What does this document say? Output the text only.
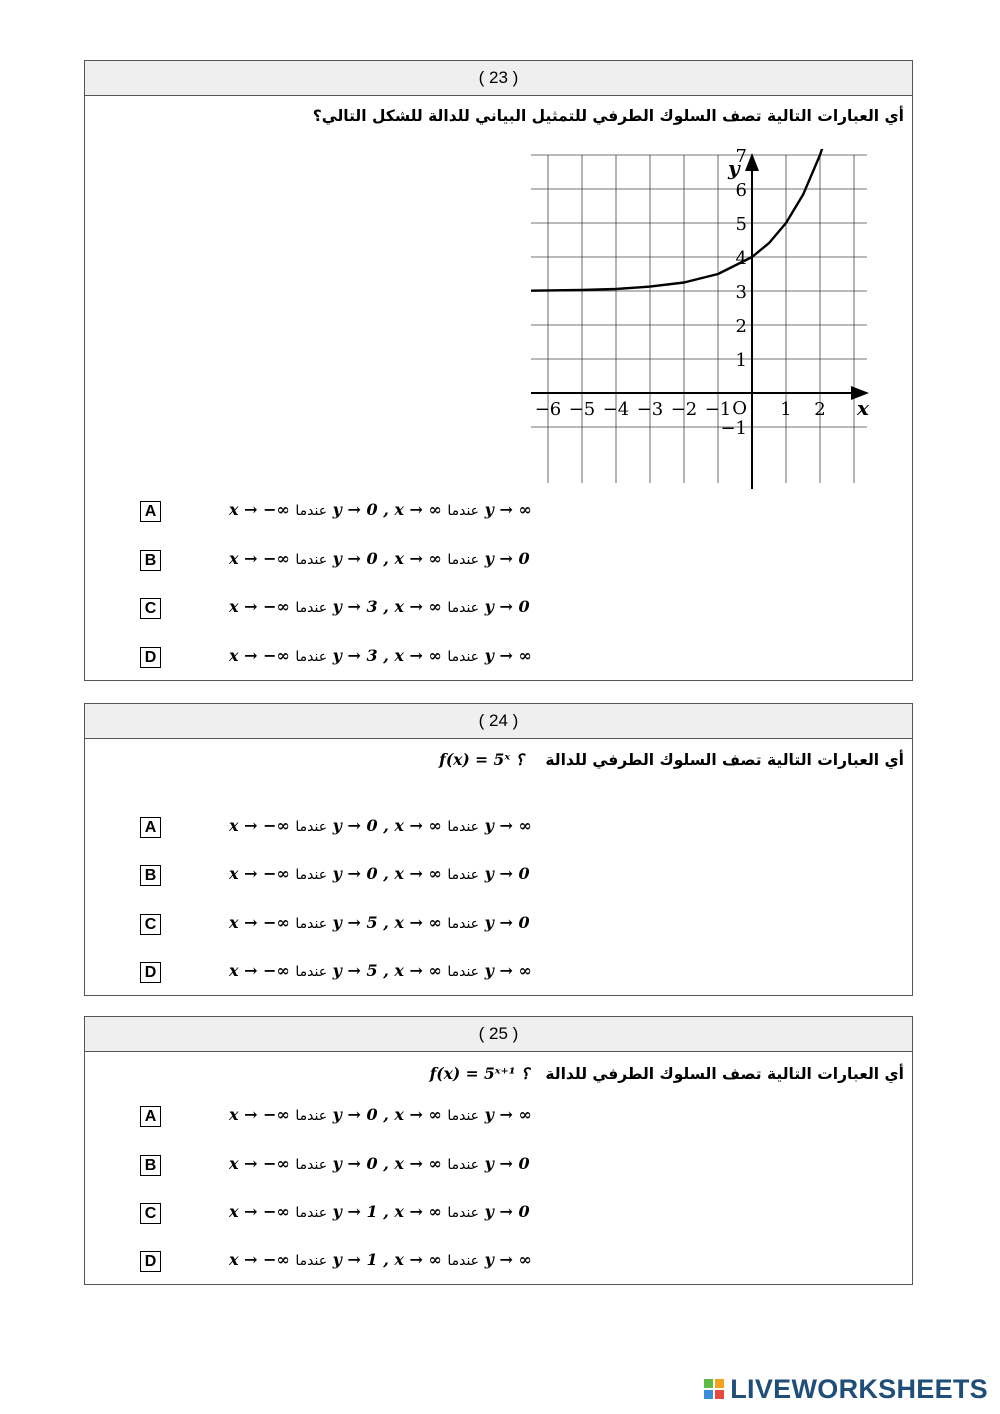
( 23 )
أي العبارات التالية تصف السلوك الطرفي للتمثيل البياني للدالة للشكل التالي؟
−6 −5 −4 −3 −2 −1	1 2
−1
1
2
3
4
5
6
7
O	x
y
A	x → −∞ عندما y → 0 , x → ∞ عندما y → ∞
B	x → −∞ عندما y → 0 , x → ∞ عندما y → 0
C	x → −∞ عندما y → 3 , x → ∞ عندما y → 0
D	x → −∞ عندما y → 3 , x → ∞ عندما y → ∞
( 24 )
أي العبارات التالية تصف السلوك الطرفي للدالة    f(x) = 5ˣ ؟
A	x → −∞ عندما y → 0 , x → ∞ عندما y → ∞
B	x → −∞ عندما y → 0 , x → ∞ عندما y → 0
C	x → −∞ عندما y → 5 , x → ∞ عندما y → 0
D	x → −∞ عندما y → 5 , x → ∞ عندما y → ∞
( 25 )
أي العبارات التالية تصف السلوك الطرفي للدالة   f(x) = 5ˣ⁺¹ ؟
A	x → −∞ عندما y → 0 , x → ∞ عندما y → ∞
B	x → −∞ عندما y → 0 , x → ∞ عندما y → 0
C	x → −∞ عندما y → 1 , x → ∞ عندما y → 0
D	x → −∞ عندما y → 1 , x → ∞ عندما y → ∞
LIVEWORKSHEETS
